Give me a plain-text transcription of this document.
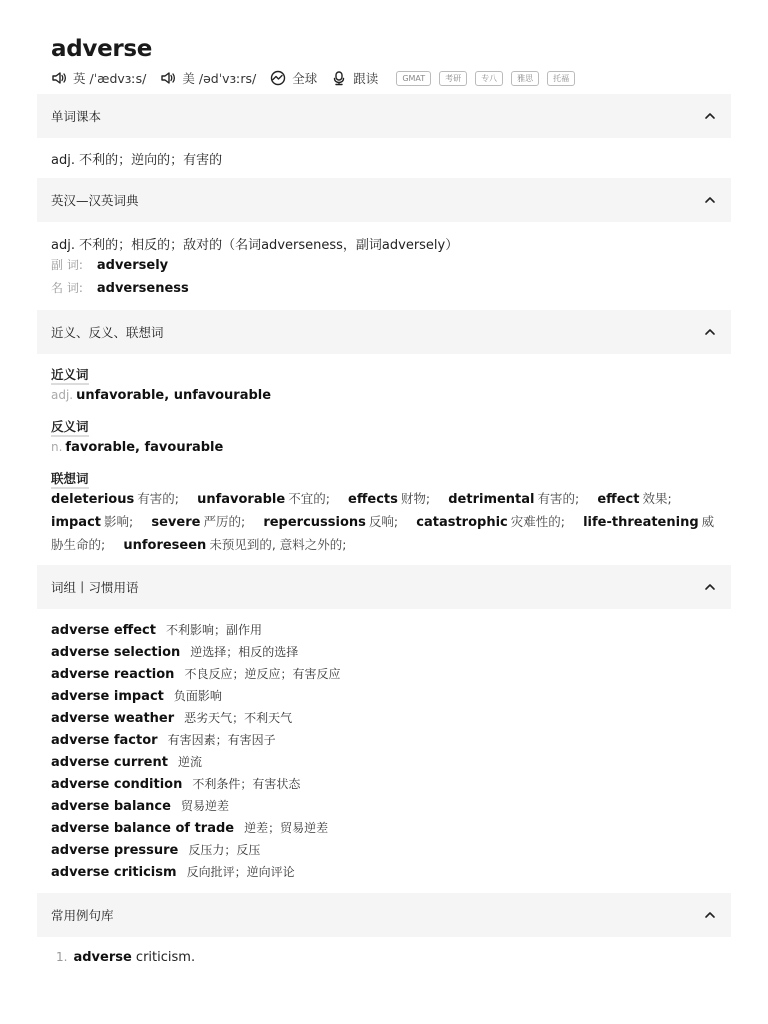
adverse
英 /ˈædvɜːs/	美 /ədˈvɜːrs/	全球	跟读	GMAT	考研	专八	雅思	托福
单词课本
adj. 不利的；逆向的；有害的
英汉—汉英词典
adj. 不利的；相反的；敌对的（名词adverseness，副词adversely）
副 词: adversely
名 词: adverseness
近义、反义、联想词
近义词
adj. unfavorable, unfavourable
反义词
n. favorable, favourable
联想词
deleterious 有害的; unfavorable 不宜的; effects 财物; detrimental 有害的; effect 效果; impact 影响; severe 严厉的; repercussions 反响; catastrophic 灾难性的; life-threatening 威胁生命的; unforeseen 未预见到的, 意料之外的;
词组丨习惯用语
adverse effect 不利影响；副作用
adverse selection 逆选择；相反的选择
adverse reaction 不良反应；逆反应；有害反应
adverse impact 负面影响
adverse weather 恶劣天气；不利天气
adverse factor 有害因素；有害因子
adverse current 逆流
adverse condition 不利条件；有害状态
adverse balance 贸易逆差
adverse balance of trade 逆差；贸易逆差
adverse pressure 反压力；反压
adverse criticism 反向批评；逆向评论
常用例句库
1. adverse criticism.
